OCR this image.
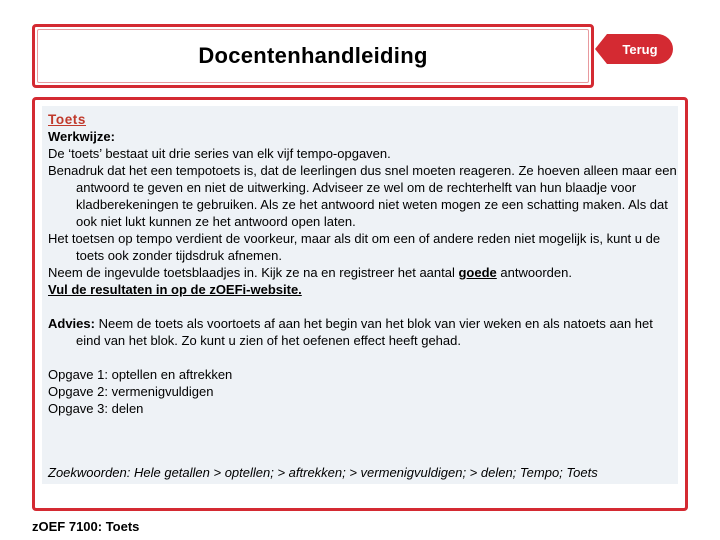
Docentenhandleiding	Terug

Toets

Werkwijze:

De ‘toets’ bestaat uit drie series van elk vijf tempo-opgaven.

Benadruk dat het een tempotoets is, dat de leerlingen dus snel moeten reageren. Ze hoeven alleen maar een antwoord te geven en niet de uitwerking. Adviseer ze wel om de rechterhelft van hun blaadje voor kladberekeningen te gebruiken. Als ze het antwoord niet weten mogen ze een schatting maken. Als dat ook niet lukt kunnen ze het antwoord open laten.

Het toetsen op tempo verdient de voorkeur, maar als dit om een of andere reden niet mogelijk is, kunt u de toets ook zonder tijdsdruk afnemen.

Neem de ingevulde toetsblaadjes in. Kijk ze na en registreer het aantal goede antwoorden.

Vul de resultaten in op de zOEFi-website.

Advies: Neem de toets als voortoets af aan het begin van het blok van vier weken en als natoets aan het eind van het blok. Zo kunt u zien of het oefenen effect heeft gehad.

Opgave 1: optellen en aftrekken

Opgave 2: vermenigvuldigen

Opgave 3: delen

Zoekwoorden: Hele getallen > optellen; > aftrekken; > vermenigvuldigen; > delen; Tempo; Toets
zOEF 7100: Toets
